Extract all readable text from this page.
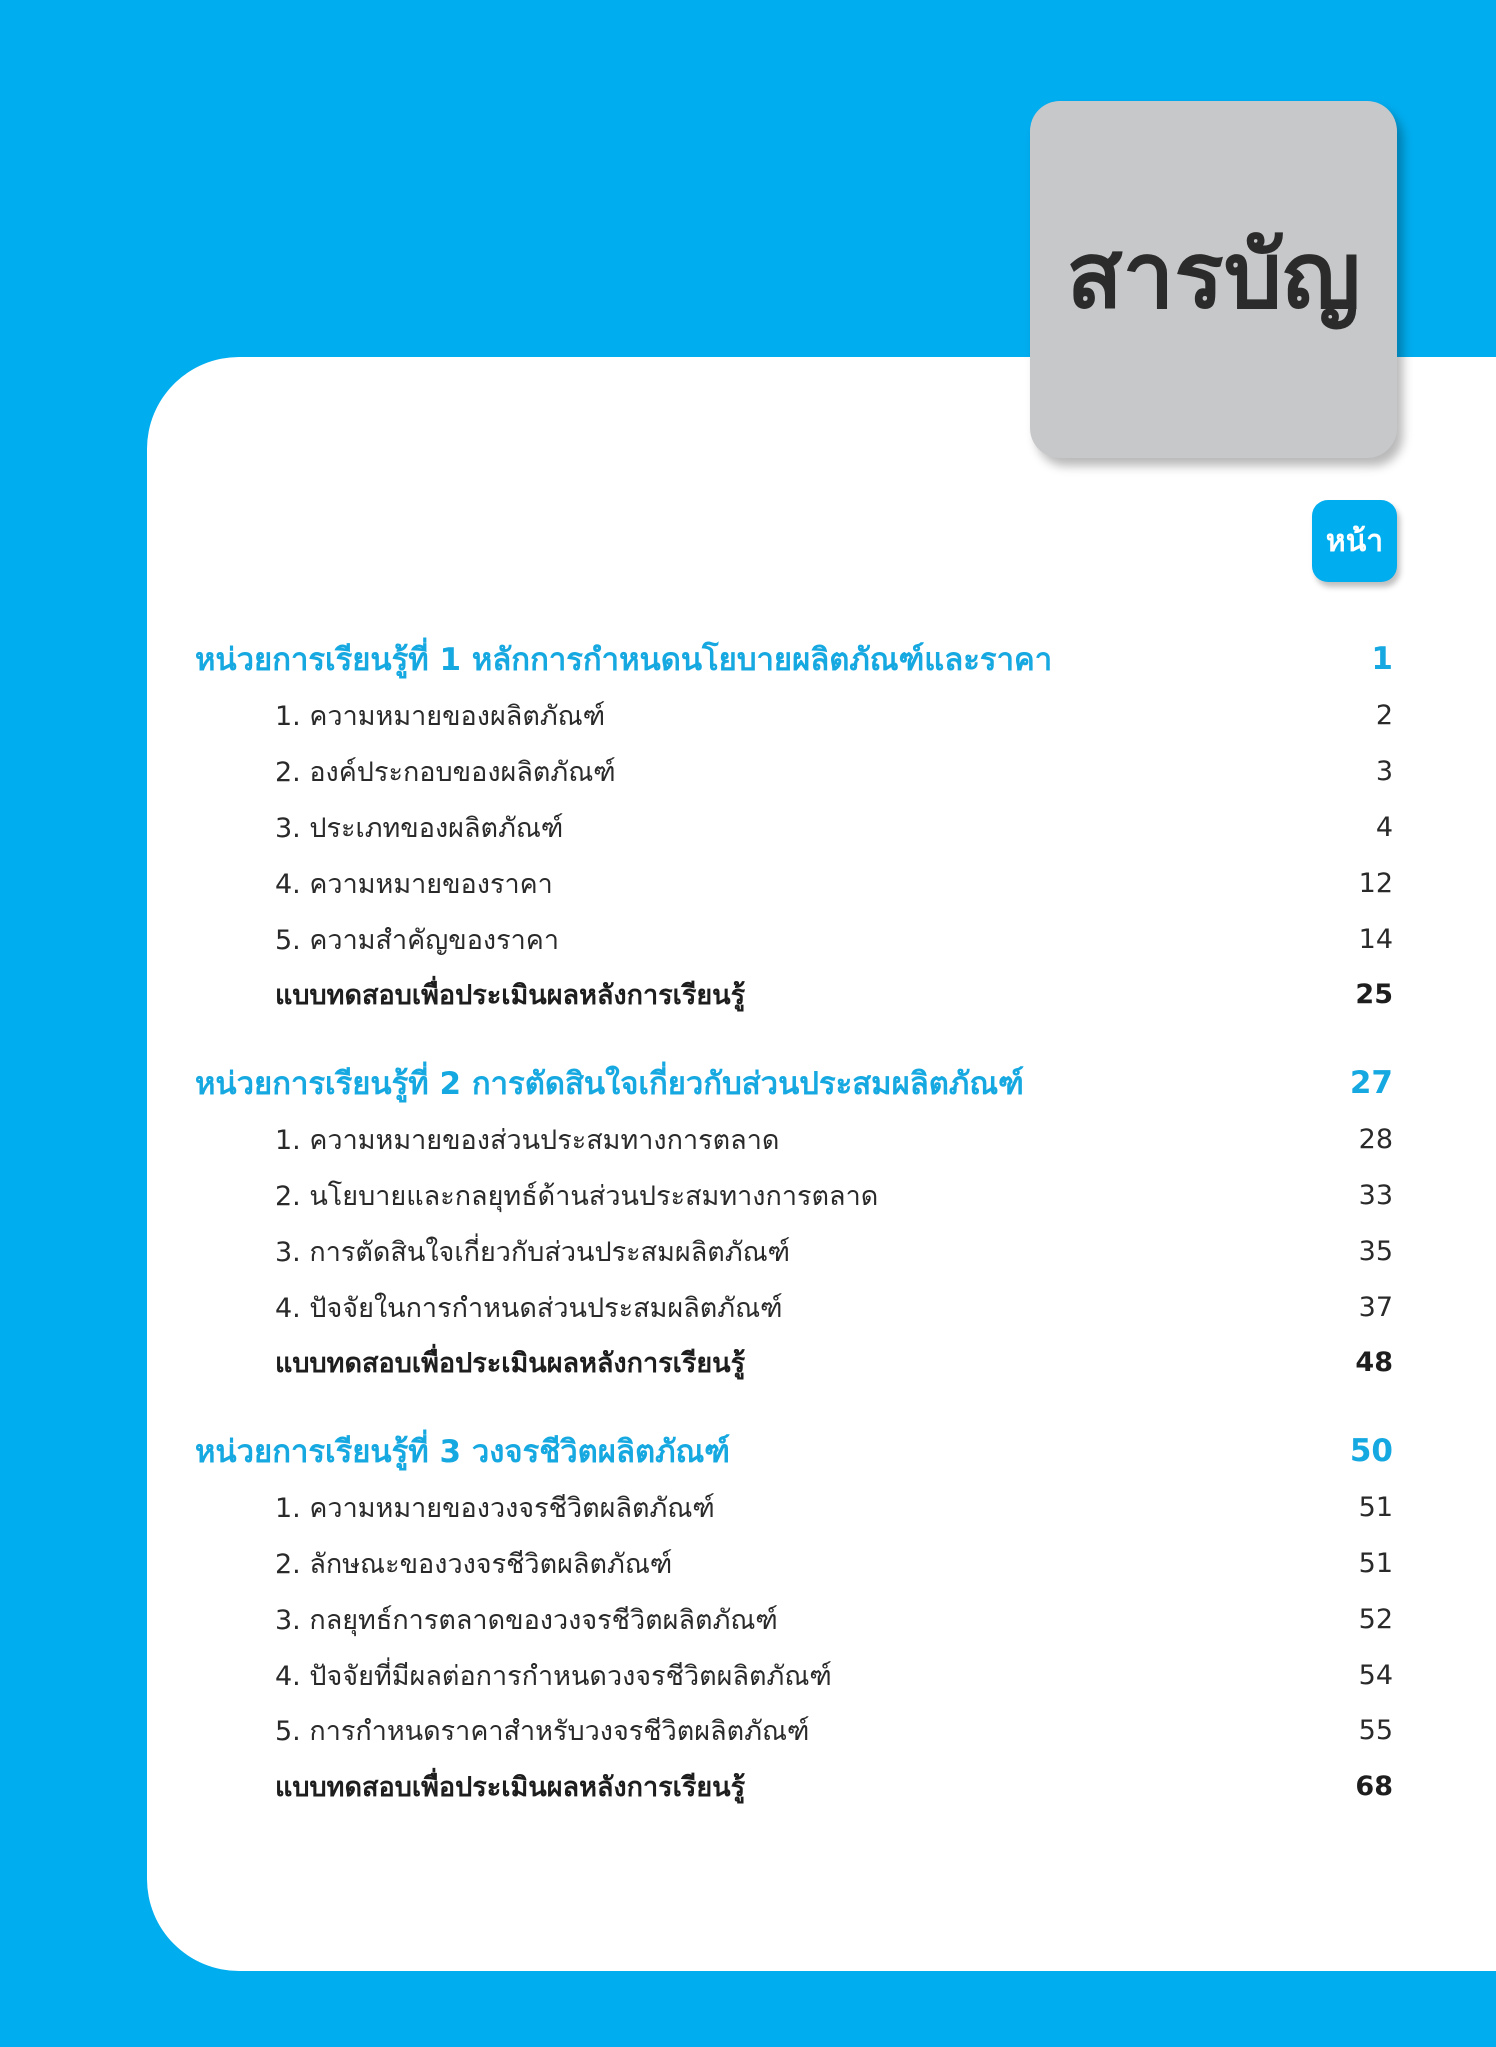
สารบัญ
หน้า
หน่วยการเรียนรู้ที่ 1 หลักการกำหนดนโยบายผลิตภัณฑ์และราคา	1
1. ความหมายของผลิตภัณฑ์	2
2. องค์ประกอบของผลิตภัณฑ์	3
3. ประเภทของผลิตภัณฑ์	4
4. ความหมายของราคา	12
5. ความสำคัญของราคา	14
แบบทดสอบเพื่อประเมินผลหลังการเรียนรู้	25
หน่วยการเรียนรู้ที่ 2 การตัดสินใจเกี่ยวกับส่วนประสมผลิตภัณฑ์	27
1. ความหมายของส่วนประสมทางการตลาด	28
2. นโยบายและกลยุทธ์ด้านส่วนประสมทางการตลาด	33
3. การตัดสินใจเกี่ยวกับส่วนประสมผลิตภัณฑ์	35
4. ปัจจัยในการกำหนดส่วนประสมผลิตภัณฑ์	37
แบบทดสอบเพื่อประเมินผลหลังการเรียนรู้	48
หน่วยการเรียนรู้ที่ 3 วงจรชีวิตผลิตภัณฑ์	50
1. ความหมายของวงจรชีวิตผลิตภัณฑ์	51
2. ลักษณะของวงจรชีวิตผลิตภัณฑ์	51
3. กลยุทธ์การตลาดของวงจรชีวิตผลิตภัณฑ์	52
4. ปัจจัยที่มีผลต่อการกำหนดวงจรชีวิตผลิตภัณฑ์	54
5. การกำหนดราคาสำหรับวงจรชีวิตผลิตภัณฑ์	55
แบบทดสอบเพื่อประเมินผลหลังการเรียนรู้	68
